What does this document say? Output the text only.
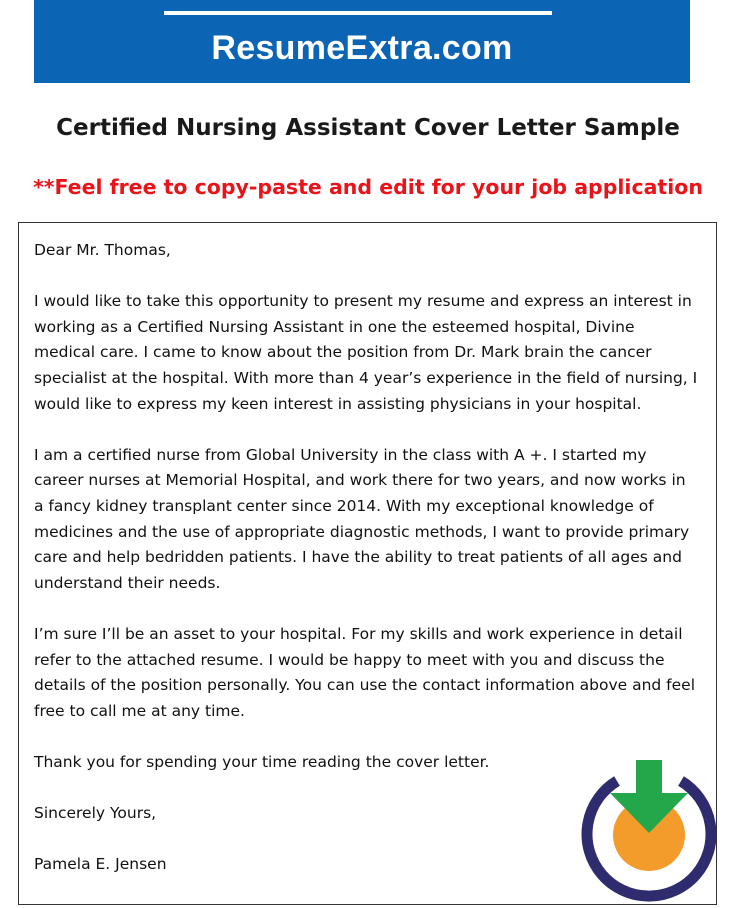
ResumeExtra.com
Certified Nursing Assistant Cover Letter Sample
**Feel free to copy-paste and edit for your job application

Dear Mr. Thomas,

I would like to take this opportunity to present my resume and express an interest in working as a Certified Nursing Assistant in one the esteemed hospital, Divine medical care. I came to know about the position from Dr. Mark brain the cancer specialist at the hospital. With more than 4 year’s experience in the field of nursing, I would like to express my keen interest in assisting physicians in your hospital.

I am a certified nurse from Global University in the class with A +. I started my career nurses at Memorial Hospital, and work there for two years, and now works in a fancy kidney transplant center since 2014. With my exceptional knowledge of medicines and the use of appropriate diagnostic methods, I want to provide primary care and help bedridden patients. I have the ability to treat patients of all ages and understand their needs.

I’m sure I’ll be an asset to your hospital. For my skills and work experience in detail refer to the attached resume. I would be happy to meet with you and discuss the details of the position personally. You can use the contact information above and feel free to call me at any time.

Thank you for spending your time reading the cover letter.

Sincerely Yours,

Pamela E. Jensen
